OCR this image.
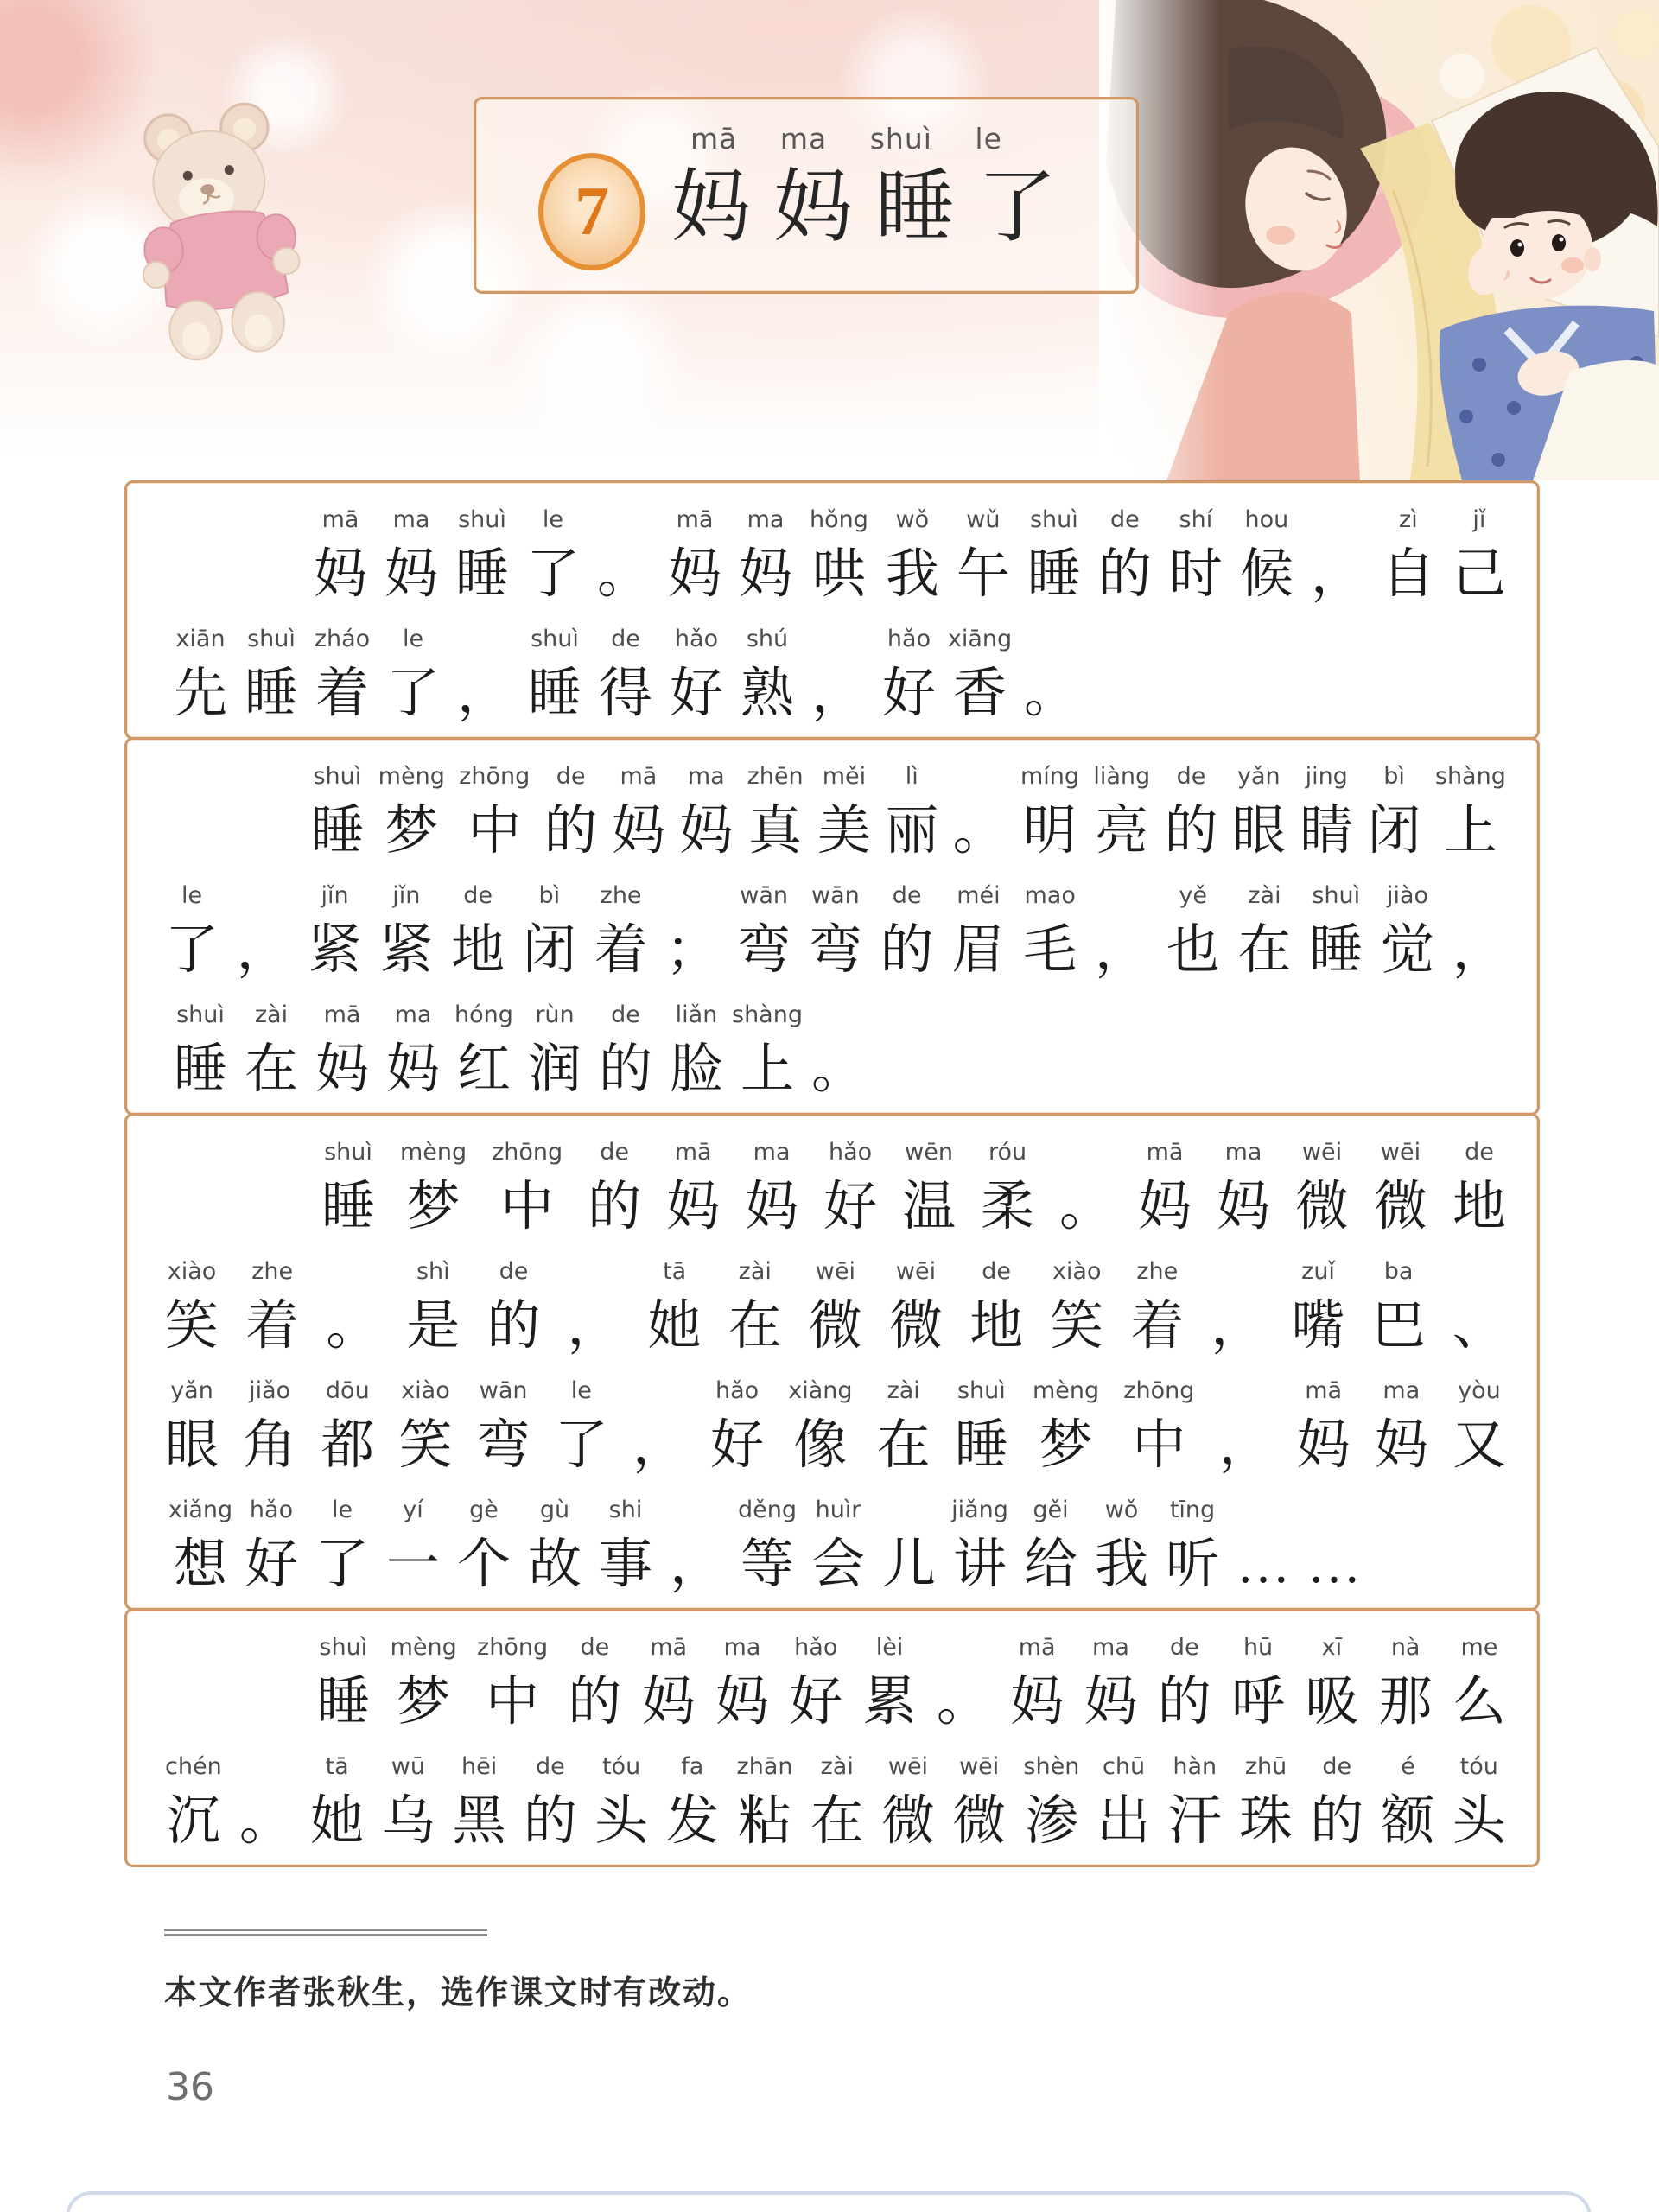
7
mā ma shuì le
妈妈睡了
mā
妈
ma
妈
shuì
睡
le
了 。
mā
妈
ma
妈
hǒng
哄
wǒ
我
wǔ
午
shuì
睡
de
的
shí
时
hou
候 ，
zì
自
jǐ
己
xiān
先
shuì
睡
zháo
着
le
了 ，
shuì
睡
de
得
hǎo
好
shú
熟 ，
hǎo
好
xiāng
香 。
shuì
睡
mèng
梦
zhōng
中
de
的
mā
妈
ma
妈
zhēn
真
měi
美
lì
丽 。
míng
明
liàng
亮
de
的
yǎn
眼
jing
睛
bì
闭
shàng
上
le
了 ，
jǐn
紧
jǐn
紧
de
地
bì
闭
zhe
着 ；
wān
弯
wān
弯
de
的
méi
眉
mao
毛 ，
yě
也
zài
在
shuì
睡
jiào
觉 ，
shuì
睡
zài
在
mā
妈
ma
妈
hóng
红
rùn
润
de
的
liǎn
脸
shàng
上 。
shuì
睡
mèng
梦
zhōng
中
de
的
mā
妈
ma
妈
hǎo
好
wēn
温
róu
柔 。
mā
妈
ma
妈
wēi
微
wēi
微
de
地
xiào
笑
zhe
着 。
shì
是
de
的 ，
tā
她
zài
在
wēi
微
wēi
微
de
地
xiào
笑
zhe
着 ，
zuǐ
嘴
ba
巴 、
yǎn
眼
jiǎo
角
dōu
都
xiào
笑
wān
弯
le
了 ，
hǎo
好
xiàng
像
zài
在
shuì
睡
mèng
梦
zhōng
中 ，
mā
妈
ma
妈
yòu
又
xiǎng
想
hǎo
好
le
了
yí
一
gè
个
gù
故
shi
事 ，
děng
等
huìr
会 儿
jiǎng
讲
gěi
给
wǒ
我
tīng
听 … …
shuì
睡
mèng
梦
zhōng
中
de
的
mā
妈
ma
妈
hǎo
好
lèi
累 。
mā
妈
ma
妈
de
的
hū
呼
xī
吸
nà
那
me
么
chén
沉 。
tā
她
wū
乌
hēi
黑
de
的
tóu
头
fa
发
zhān
粘
zài
在
wēi
微
wēi
微
shèn
渗
chū
出
hàn
汗
zhū
珠
de
的
é
额
tóu
头
本文作者张秋生，选作课文时有改动。
36
